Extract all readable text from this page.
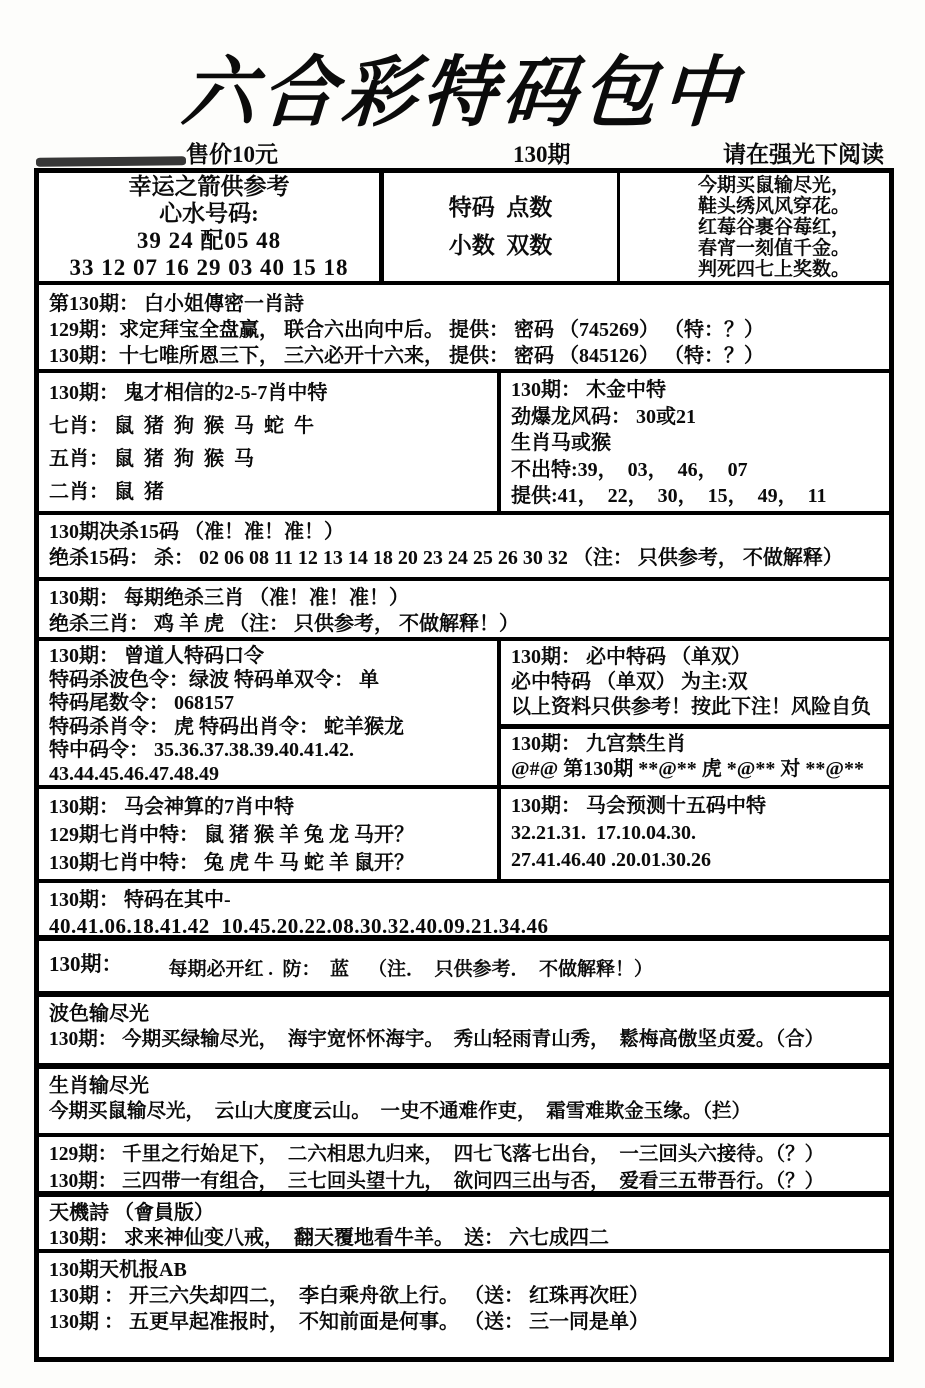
六合彩特码包中
售价10元	130期	请在强光下阅读
幸运之箭供参考
心水号码:
39 24 配05 48
33 12 07 16 29 03 40 15 18
特码  点数
小数  双数
今期买鼠输尽光，
鞋头绣风风穿花。
红莓谷裹谷莓红，
春宵一刻值千金。
判死四七上奖数。
第130期： 白小姐傳密一肖詩
129期：求定拜宝全盘赢， 联合六出向中后。 提供： 密码 （745269） （特：？）
130期：十七唯所恩三下， 三六必开十六来， 提供： 密码 （845126） （特：？）
130期： 鬼才相信的2-5-7肖中特
七肖： 鼠  猪  狗  猴  马  蛇  牛
五肖： 鼠  猪  狗  猴  马
二肖： 鼠  猪
130期： 木金中特
劲爆龙风码： 30或21
生肖马或猴
不出特:39，  03，  46，  07
提供:41，  22，  30，  15，  49，  11
130期决杀15码 （准！准！准！）
绝杀15码： 杀： 02 06 08 11 12 13 14 18 20 23 24 25 26 30 32 （注： 只供参考， 不做解释）
130期： 每期绝杀三肖 （准！准！准！）
绝杀三肖： 鸡 羊 虎 （注： 只供参考， 不做解释！）
130期： 曾道人特码口令
特码杀波色令：绿波 特码单双令： 单
特码尾数令： 068157
特码杀肖令： 虎 特码出肖令： 蛇羊猴龙
特中码令： 35.36.37.38.39.40.41.42.
43.44.45.46.47.48.49
130期： 必中特码 （单双）
必中特码 （单双） 为主:双
以上资料只供参考！按此下注！风险自负
130期： 九宫禁生肖
@#@ 第130期 **@** 虎 *@** 对 **@**
130期： 马会神算的7肖中特
129期七肖中特： 鼠 猪 猴 羊 兔 龙 马开？
130期七肖中特： 兔 虎 牛 马 蛇 羊 鼠开？
130期： 马会预测十五码中特
32.21.31.  17.10.04.30.
27.41.46.40 .20.01.30.26
130期： 特码在其中-
40.41.06.18.41.42  10.45.20.22.08.30.32.40.09.21.34.46
130期： 每期必开红 .  防：  蓝    （注．  只供参考．  不做解释！）
波色输尽光
130期： 今期买绿输尽光，  海宇宽怀怀海宇。  秀山轻雨青山秀，  鬆梅高傲坚贞爱。（合）
生肖输尽光
今期买鼠输尽光，  云山大度度云山。  一史不通难作吏，  霜雪难欺金玉缘。（拦）
129期： 千里之行始足下，  二六相思九归来，  四七飞落七出台，  一三回头六接待。（？）
130期： 三四带一有组合，  三七回头望十九，  欲问四三出与否，  爱看三五带吾行。（？）
天機詩 （會員版）
130期： 求来神仙变八戒，  翻天覆地看牛羊。  送： 六七成四二
130期天机报AB
130期 ： 开三六失却四二，  李白乘舟欲上行。 （送： 红珠再次旺）
130期 ： 五更早起准报时，  不知前面是何事。 （送： 三一同是单）
